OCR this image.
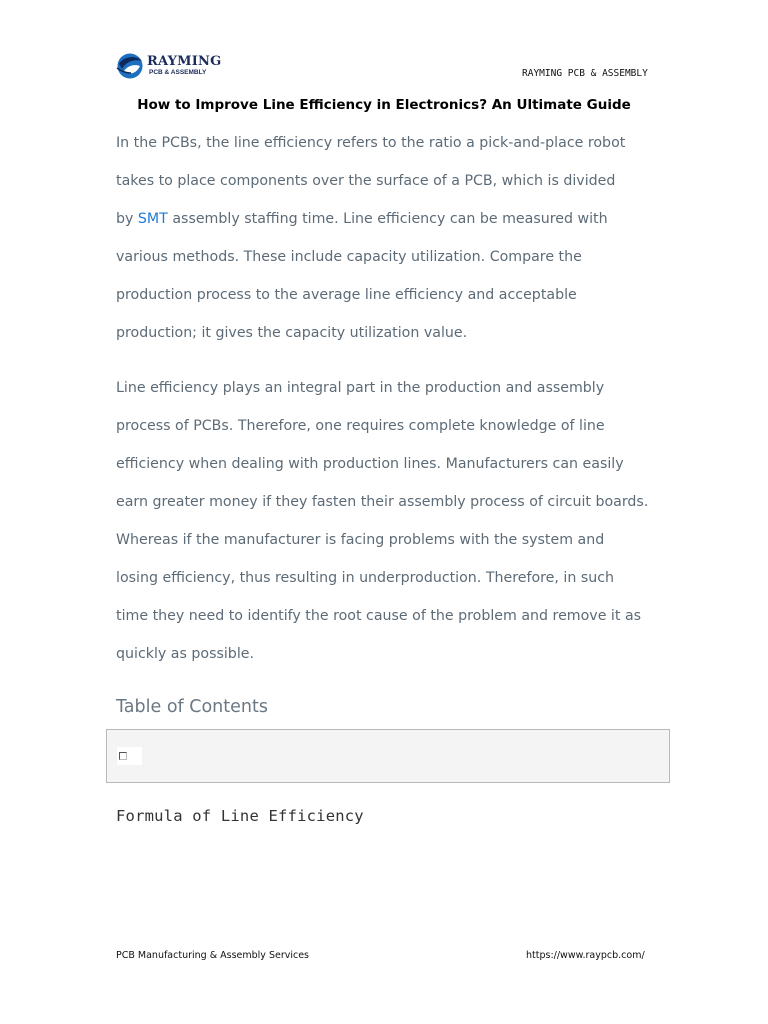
RAYMING
PCB & ASSEMBLY	RAYMING PCB & ASSEMBLY
How to Improve Line Efficiency in Electronics? An Ultimate Guide

In the PCBs, the line efficiency refers to the ratio a pick-and-place robot
takes to place components over the surface of a PCB, which is divided
by SMT assembly staffing time. Line efficiency can be measured with
various methods. These include capacity utilization. Compare the
production process to the average line efficiency and acceptable
production; it gives the capacity utilization value.

Line efficiency plays an integral part in the production and assembly
process of PCBs. Therefore, one requires complete knowledge of line
efficiency when dealing with production lines. Manufacturers can easily
earn greater money if they fasten their assembly process of circuit boards.
Whereas if the manufacturer is facing problems with the system and
losing efficiency, thus resulting in underproduction. Therefore, in such
time they need to identify the root cause of the problem and remove it as
quickly as possible.

Table of Contents
Formula of Line Efficiency
PCB Manufacturing & Assembly Services	https://www.raypcb.com/
